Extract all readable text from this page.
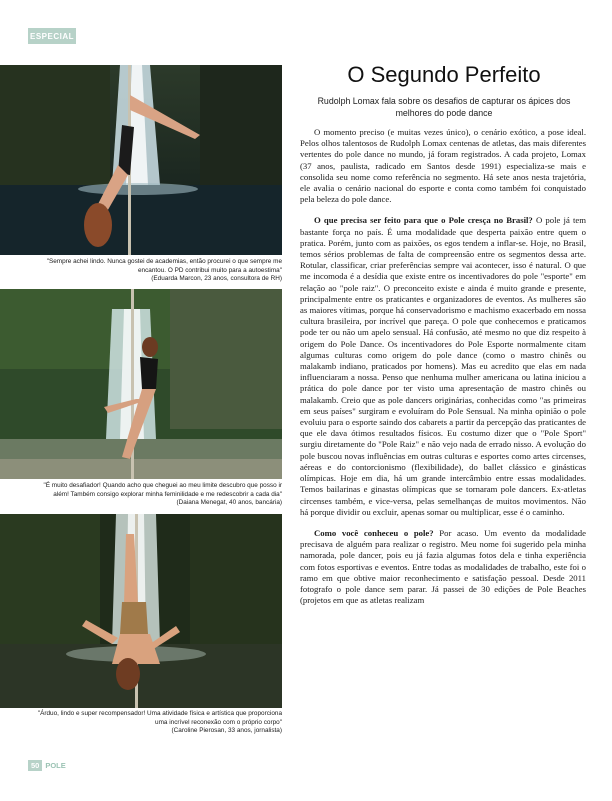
ESPECIAL
"Sempre achei lindo. Nunca gostei de academias, então procurei o que sempre me encantou. O PD contribui muito para a autoestima"
(Eduarda Marcon, 23 anos, consultora de RH)
"É muito desafiador! Quando acho que cheguei ao meu limite descubro que posso ir além! Também consigo explorar minha feminilidade e me redescobrir a cada dia"
(Daiana Menegat, 40 anos, bancária)
"Árduo, lindo e super recompensador! Uma atividade física e artística que proporciona uma incrível reconexão com o próprio corpo"
(Caroline Pierosan, 33 anos, jornalista)
O Segundo Perfeito
Rudolph Lomax fala sobre os desafios de capturar os ápices dos melhores do pode dance

O momento preciso (e muitas vezes único), o cenário exótico, a pose ideal. Pelos olhos talentosos de Rudolph Lomax centenas de atletas, das mais diferentes vertentes do pole dance no mundo, já foram registrados. A cada projeto, Lomax (37 anos, paulista, radicado em Santos desde 1991) especializa-se mais e consolida seu nome como referência no segmento. Há sete anos nesta trajetória, ele avalia o cenário nacional do esporte e conta como também foi conquistado pela beleza do pole dance.

O que precisa ser feito para que o Pole cresça no Brasil? O pole já tem bastante força no país. É uma modalidade que desperta paixão entre quem o pratica. Porém, junto com as paixões, os egos tendem a inflar-se. Hoje, no Brasil, temos sérios problemas de falta de compreensão entre os segmentos dessa arte. Rotular, classificar, criar preferências sempre vai acontecer, isso é natural. O que me incomoda é a desídia que existe entre os incentivadores do pole "esporte" em relação ao "pole raiz". O preconceito existe e ainda é muito grande e presente, principalmente entre os praticantes e organizadores de eventos. As mulheres são as maiores vítimas, porque há conservadorismo e machismo exacerbado em nossa cultura brasileira, por incrível que pareça. O pole que conhecemos e praticamos pode ter ou não um apelo sensual. Há confusão, até mesmo no que diz respeito à origem do Pole Dance. Os incentivadores do Pole Esporte normalmente citam algumas culturas como origem do pole dance (como o mastro chinês ou malakamb indiano, praticados por homens). Mas eu acredito que elas em nada influenciaram a nossa. Penso que nenhuma mulher americana ou latina iniciou a prática do pole dance por ter visto uma apresentação de mastro chinês ou malakamb. Creio que as pole dancers originárias, conhecidas como "as primeiras em seus países" surgiram e evoluíram do Pole Sensual. Na minha opinião o pole evoluiu para o esporte saindo dos cabarets a partir da percepção das praticantes de que ele dava ótimos resultados físicos. Eu costumo dizer que o "Pole Sport" surgiu diretamente do "Pole Raiz" e não vejo nada de errado nisso. A evolução do pole buscou novas influências em outras culturas e esportes como artes circenses, aéreas e do contorcionismo (flexibilidade), do ballet clássico e ginásticas olímpicas. Hoje em dia, há um grande intercâmbio entre essas modalidades. Temos bailarinas e ginastas olímpicas que se tornaram pole dancers. Ex-atletas circenses também, e vice-versa, pelas semelhanças de muitos movimentos. Não há porque dividir ou excluir, apenas somar ou multiplicar, esse é o caminho.

Como você conheceu o pole? Por acaso. Um evento da modalidade precisava de alguém para realizar o registro. Meu nome foi sugerido pela minha namorada, pole dancer, pois eu já fazia algumas fotos dela e tinha experiência com fotos esportivas e eventos. Entre todas as modalidades de trabalho, este foi o ramo em que obtive maior reconhecimento e satisfação pessoal. Desde 2011 fotografo o pole dance sem parar. Já passei de 30 edições de Pole Beaches (projetos em que as atletas realizam

50 POLE
